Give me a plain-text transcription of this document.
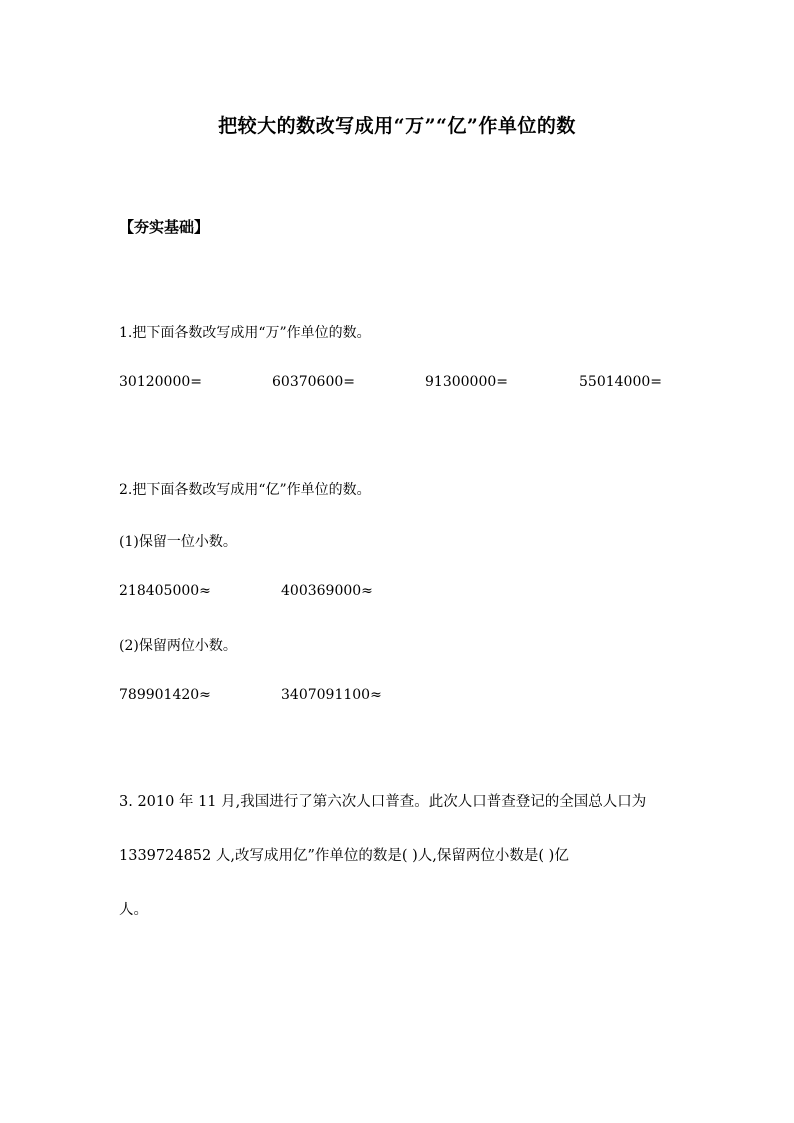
把较大的数改写成用“万”“亿”作单位的数
【夯实基础】
1.把下面各数改写成用“万”作单位的数。
30120000=	60370600=	91300000=	55014000=
2.把下面各数改写成用“亿”作单位的数。
(1)保留一位小数。
218405000≈	400369000≈
(2)保留两位小数。
789901420≈	3407091100≈
3. 2010 年 11 月,我国进行了第六次人口普查。此次人口普查登记的全国总人口为
1339724852 人,改写成用亿”作单位的数是( )人,保留两位小数是( )亿
人。
